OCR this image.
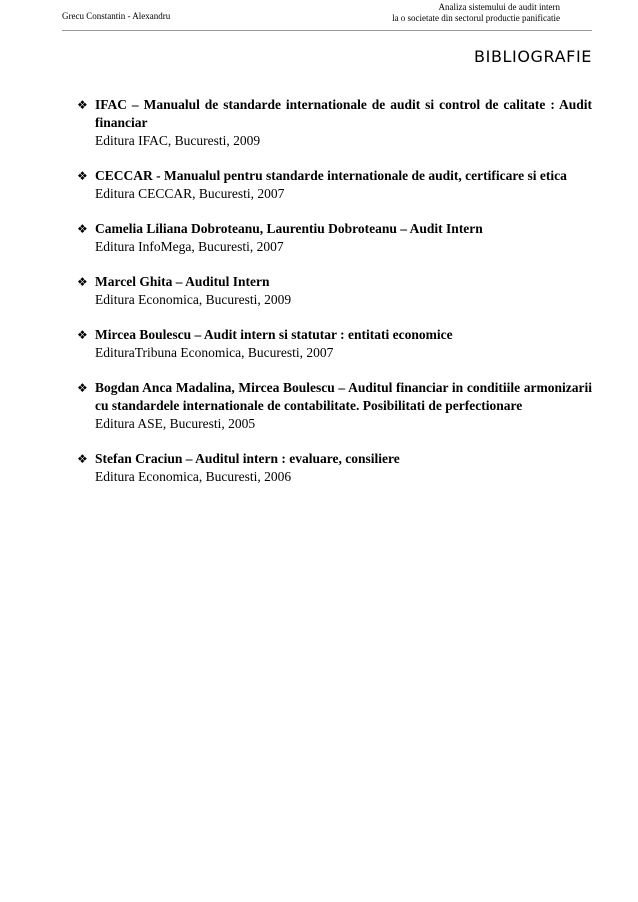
Grecu Constantin - Alexandru
Analiza sistemului de audit intern
la o societate din sectorul productie panificatie
BIBLIOGRAFIE
❖ IFAC – Manualul de standarde internationale de audit si control de calitate : Audit financiar
Editura IFAC, Bucuresti, 2009
❖ CECCAR - Manualul pentru standarde internationale de audit, certificare si etica
Editura CECCAR, Bucuresti, 2007
❖ Camelia Liliana Dobroteanu, Laurentiu Dobroteanu – Audit Intern
Editura InfoMega, Bucuresti, 2007
❖ Marcel Ghita – Auditul Intern
Editura Economica, Bucuresti, 2009
❖ Mircea Boulescu – Audit intern si statutar : entitati economice
EdituraTribuna Economica, Bucuresti, 2007
❖ Bogdan Anca Madalina, Mircea Boulescu – Auditul financiar in conditiile armonizarii cu standardele internationale de contabilitate. Posibilitati de perfectionare
Editura ASE, Bucuresti, 2005
❖ Stefan Craciun – Auditul intern : evaluare, consiliere
Editura Economica, Bucuresti, 2006
